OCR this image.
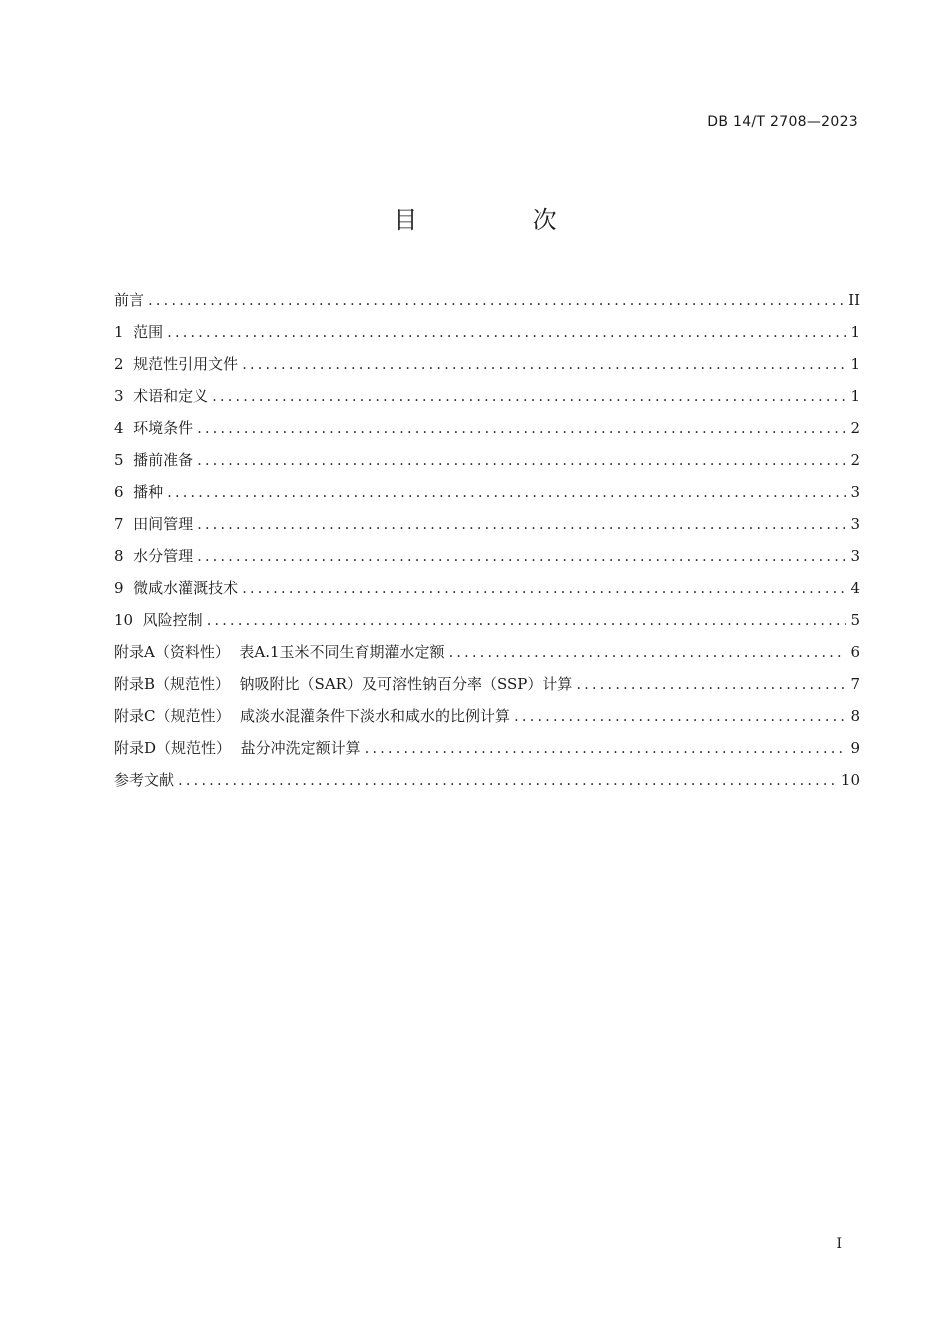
DB 14/T 2708—2023
目  次
前言 .....	II
1  范围 .....	1
2  规范性引用文件 .....	1
3  术语和定义 .....	1
4  环境条件 .....	2
5  播前准备 .....	2
6  播种 .....	3
7  田间管理 .....	3
8  水分管理 .....	3
9  微咸水灌溉技术 .....	4
10  风险控制 .....	5
附录A（资料性）  表A.1玉米不同生育期灌水定额 .....	6
附录B（规范性）  钠吸附比（SAR）及可溶性钠百分率（SSP）计算 .....	7
附录C（规范性）  咸淡水混灌条件下淡水和咸水的比例计算 .....	8
附录D（规范性）  盐分冲洗定额计算 .....	9
参考文献 .....	10
I
